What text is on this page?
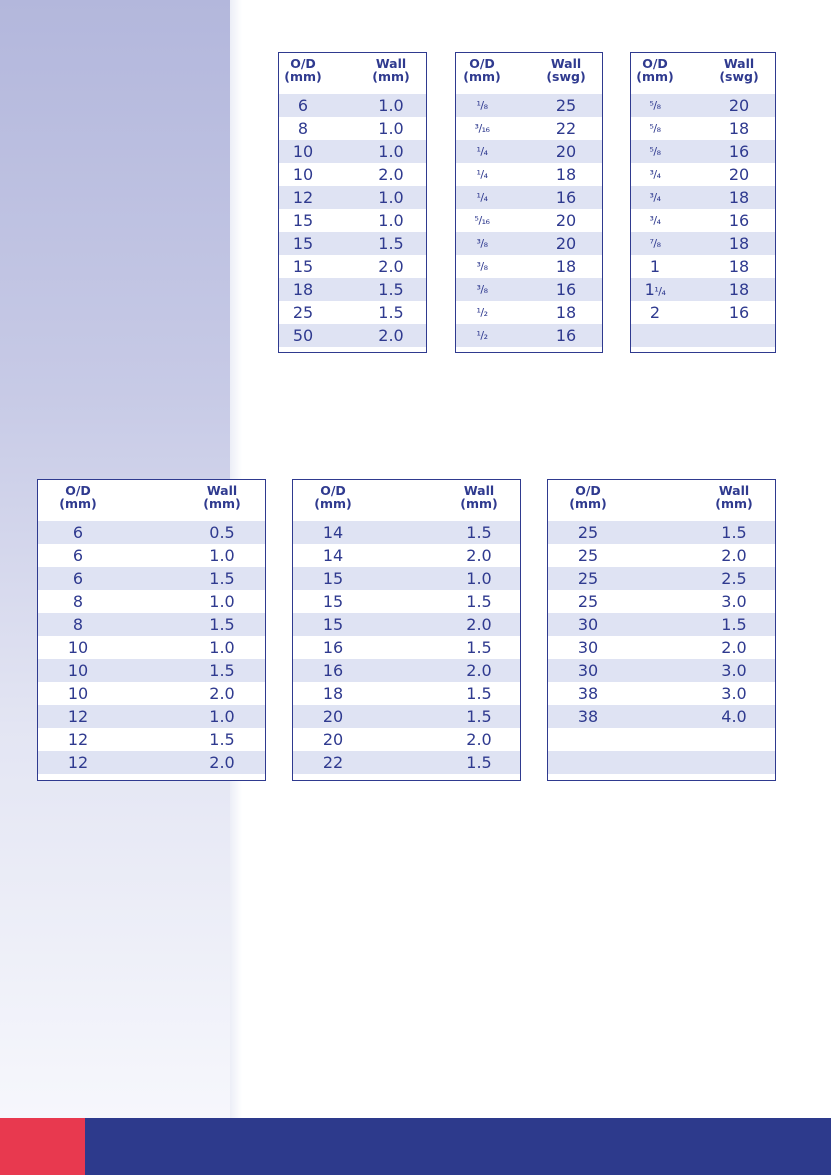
O/D
(mm)
Wall
(mm)
6	1.0
8	1.0
10	1.0
10	2.0
12	1.0
15	1.0
15	1.5
15	2.0
18	1.5
25	1.5
50	2.0
O/D
(mm)
Wall
(swg)
¹/₈	25
³/₁₆	22
¹/₄	20
¹/₄	18
¹/₄	16
⁵/₁₆	20
³/₈	20
³/₈	18
³/₈	16
¹/₂	18
¹/₂	16
O/D
(mm)
Wall
(swg)
⁵/₈	20
⁵/₈	18
⁵/₈	16
³/₄	20
³/₄	18
³/₄	16
⁷/₈	18
1	18
1¹/₄	18
2	16
O/D
(mm)
Wall
(mm)
6	0.5
6	1.0
6	1.5
8	1.0
8	1.5
10	1.0
10	1.5
10	2.0
12	1.0
12	1.5
12	2.0
O/D
(mm)
Wall
(mm)
14	1.5
14	2.0
15	1.0
15	1.5
15	2.0
16	1.5
16	2.0
18	1.5
20	1.5
20	2.0
22	1.5
O/D
(mm)
Wall
(mm)
25	1.5
25	2.0
25	2.5
25	3.0
30	1.5
30	2.0
30	3.0
38	3.0
38	4.0
